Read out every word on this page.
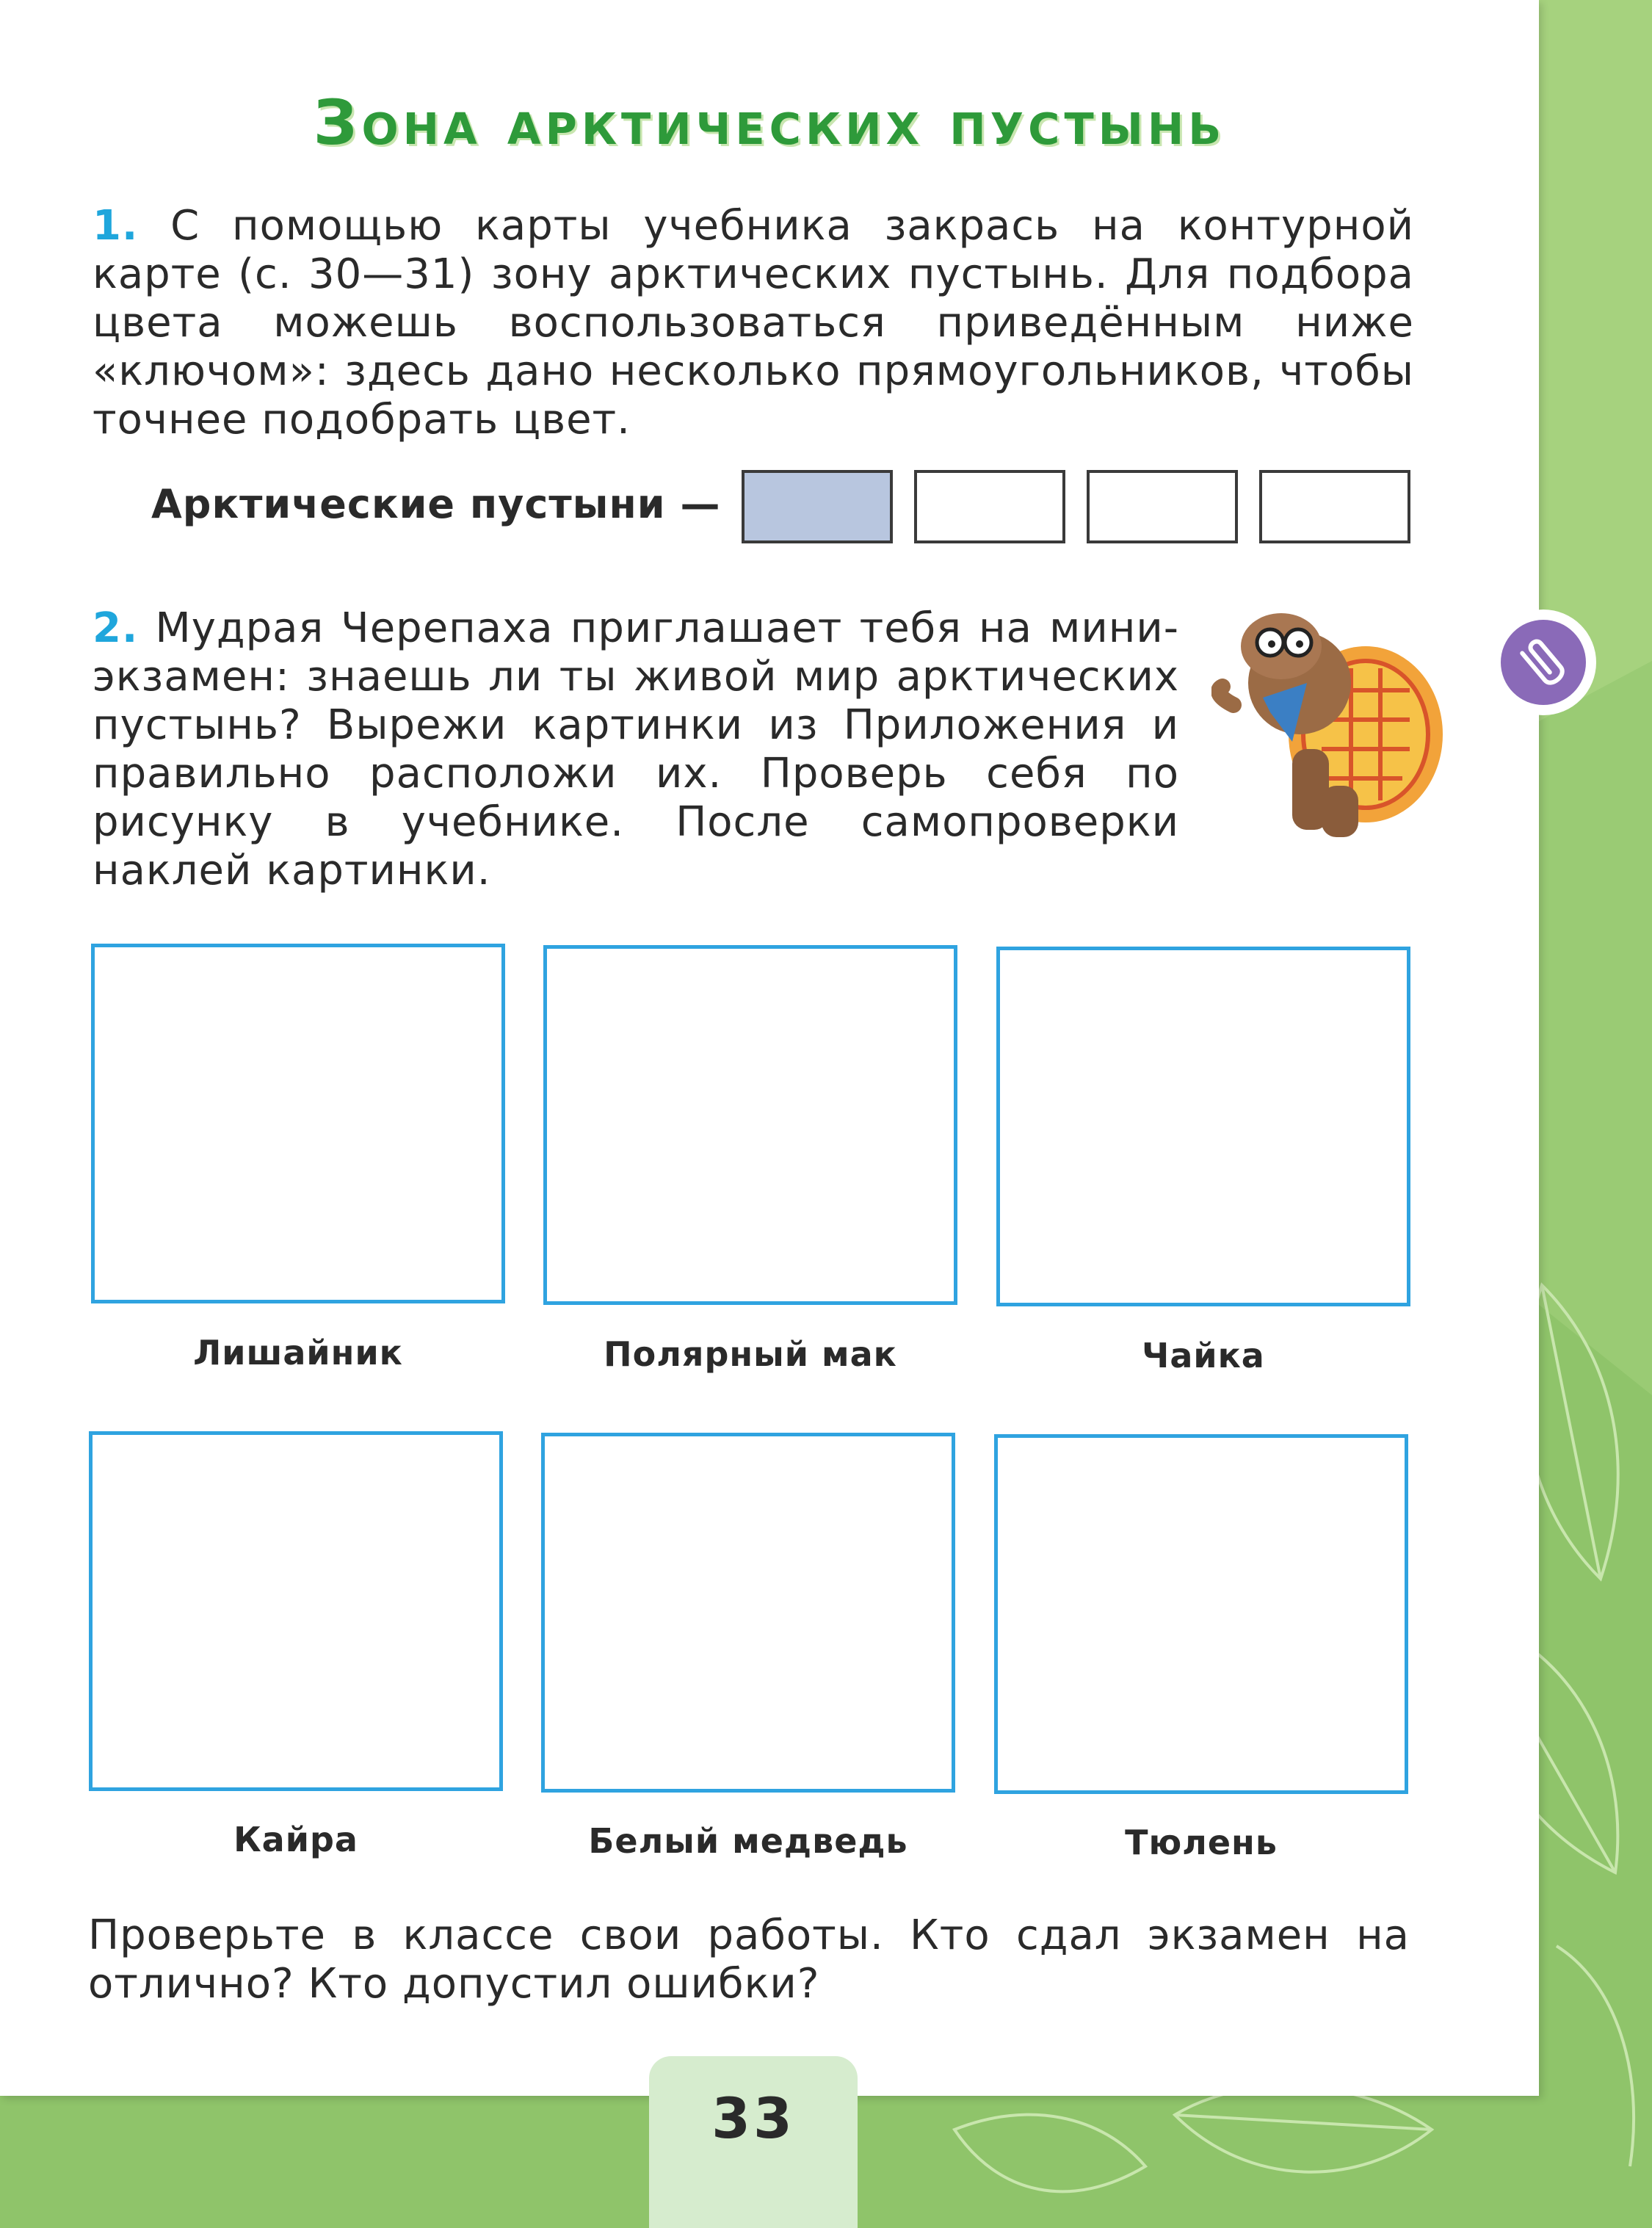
Зона арктических пустынь
1. С помощью карты учебника закрась на контурной карте (с. 30—31) зону арктических пустынь. Для подбора цвета можешь воспользоваться приведённым ниже «ключом»: здесь дано несколько прямоугольников, чтобы точнее подобрать цвет.
Арктические пустыни —
2. Мудрая Черепаха приглашает тебя на мини-экзамен: знаешь ли ты живой мир арктических пустынь? Вырежи картинки из Приложения и правильно расположи их. Проверь себя по рисунку в учебнике. После самопроверки наклей картинки.
Лишайник	Полярный мак	Чайка
Кайра	Белый медведь	Тюлень
Проверьте в классе свои работы. Кто сдал экзамен на отлично? Кто допустил ошибки?
33
